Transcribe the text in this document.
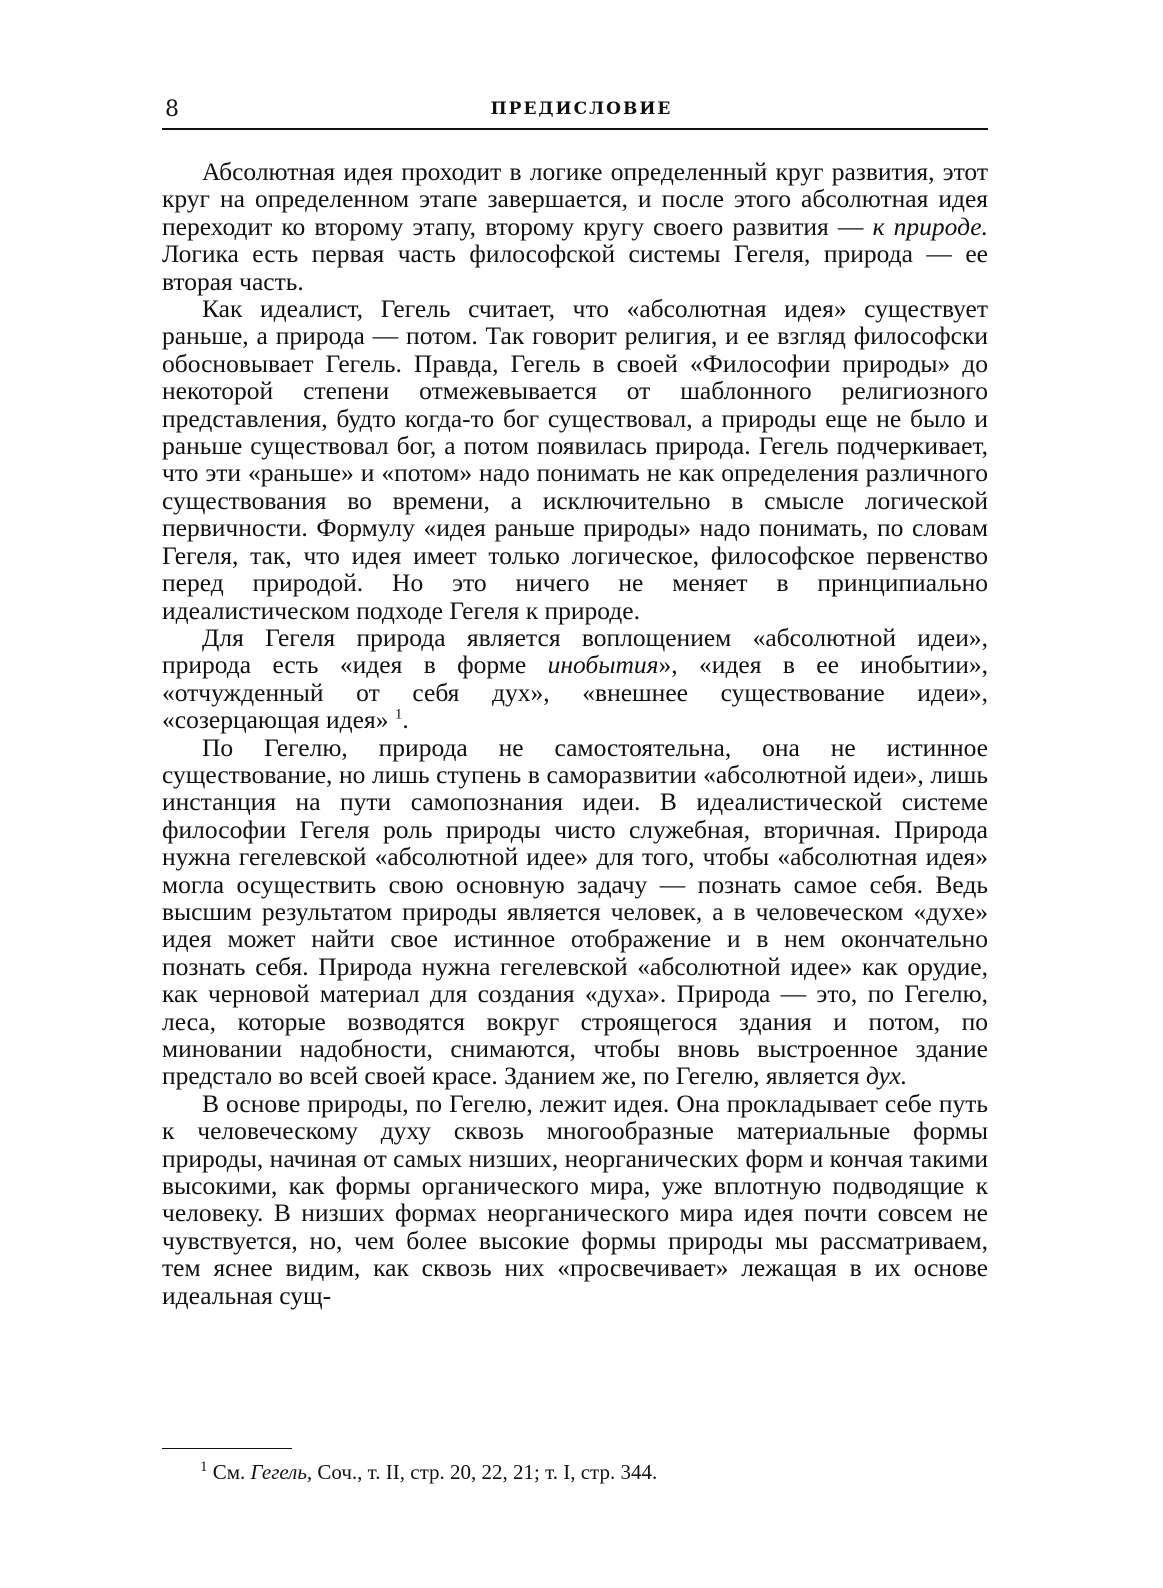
8	ПРЕДИСЛОВИЕ

Абсолютная идея проходит в логике определенный круг развития, этот круг на определенном этапе завершается, и после этого абсолютная идея переходит ко второму этапу, второму кругу своего развития — к природе. Логика есть первая часть философской системы Гегеля, природа — ее вторая часть.

Как идеалист, Гегель считает, что «абсолютная идея» существует раньше, а природа — потом. Так говорит религия, и ее взгляд философски обосновывает Гегель. Правда, Гегель в своей «Философии природы» до некоторой степени отмежевывается от шаблонного религиозного представления, будто когда-то бог существовал, а природы еще не было и раньше существовал бог, а потом появилась природа. Гегель подчеркивает, что эти «раньше» и «потом» надо понимать не как определения различного существования во времени, а исключительно в смысле логической первичности. Формулу «идея раньше природы» надо понимать, по словам Гегеля, так, что идея имеет только логическое, философское первенство перед природой. Но это ничего не меняет в принципиально идеалистическом подходе Гегеля к природе.

Для Гегеля природа является воплощением «абсолютной идеи», природа есть «идея в форме инобытия», «идея в ее инобытии», «отчужденный от себя дух», «внешнее существование идеи», «созерцающая идея» $^1$.

По Гегелю, природа не самостоятельна, она не истинное существование, но лишь ступень в саморазвитии «абсолютной идеи», лишь инстанция на пути самопознания идеи. В идеалистической системе философии Гегеля роль природы чисто служебная, вторичная. Природа нужна гегелевской «абсолютной идее» для того, чтобы «абсолютная идея» могла осуществить свою основную задачу — познать самое себя. Ведь высшим результатом природы является человек, а в человеческом «духе» идея может найти свое истинное отображение и в нем окончательно познать себя. Природа нужна гегелевской «абсолютной идее» как орудие, как черновой материал для создания «духа». Природа — это, по Гегелю, леса, которые возводятся вокруг строящегося здания и потом, по миновании надобности, снимаются, чтобы вновь выстроенное здание предстало во всей своей красе. Зданием же, по Гегелю, является дух.

В основе природы, по Гегелю, лежит идея. Она прокладывает себе путь к человеческому духу сквозь многообразные материальные формы природы, начиная от самых низших, неорганических форм и кончая такими высокими, как формы органического мира, уже вплотную подводящие к человеку. В низших формах неорганического мира идея почти совсем не чувствуется, но, чем более высокие формы природы мы рассматриваем, тем яснее видим, как сквозь них «просвечивает» лежащая в их основе идеальная сущ-

$^1$ См. Гегель, Соч., т. II, стр. 20, 22, 21; т. I, стр. 344.
